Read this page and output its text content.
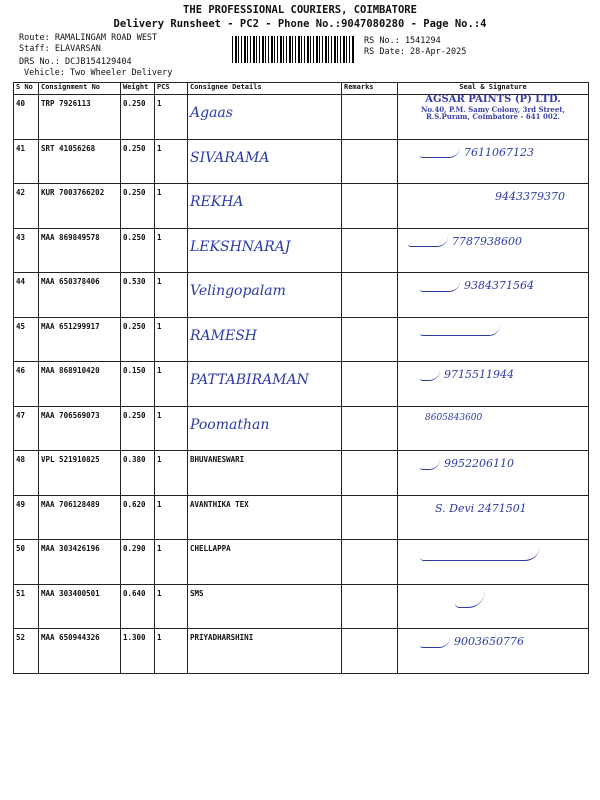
THE PROFESSIONAL COURIERS, COIMBATORE
Delivery Runsheet - PC2 - Phone No.:9047080280 - Page No.:4
Route: RAMALINGAM ROAD WEST
Staff: ELAVARSAN
DRS No.: DCJB154129404
Vehicle: Two Wheeler Delivery
RS No.: 1541294
RS Date: 28-Apr-2025
S No	Consignment No	Weight	PCS	Consignee Details	Remarks	Seal & Signature
40	TRP 7926113	0.250	1	Agaas		AGSAR PAINTS (P) LTD.
No.40, P.M. Samy Colony, 3rd Street,
R.S.Puram, Coimbatore - 641 002.

41	SRT 41056268	0.250	1	SIVARAMA		7611067123

42	KUR 7003766202	0.250	1	REKHA		9443379370

43	MAA 869849578	0.250	1	LEKSHNARAJ		7787938600

44	MAA 650378406	0.530	1	Velingopalam		9384371564

45	MAA 651299917	0.250	1	RAMESH		

46	MAA 868910420	0.150	1	PATTABIRAMAN		9715511944

47	MAA 706569073	0.250	1	Poomathan		8605843600

48	VPL 521910825	0.380	1	BHUVANESWARI		9952206110

49	MAA 706128489	0.620	1	AVANTHIKA TEX		S. Devi 2471501

50	MAA 303426196	0.290	1	CHELLAPPA		

51	MAA 303400501	0.640	1	SMS		

52	MAA 650944326	1.300	1	PRIYADHARSHINI		9003650776
